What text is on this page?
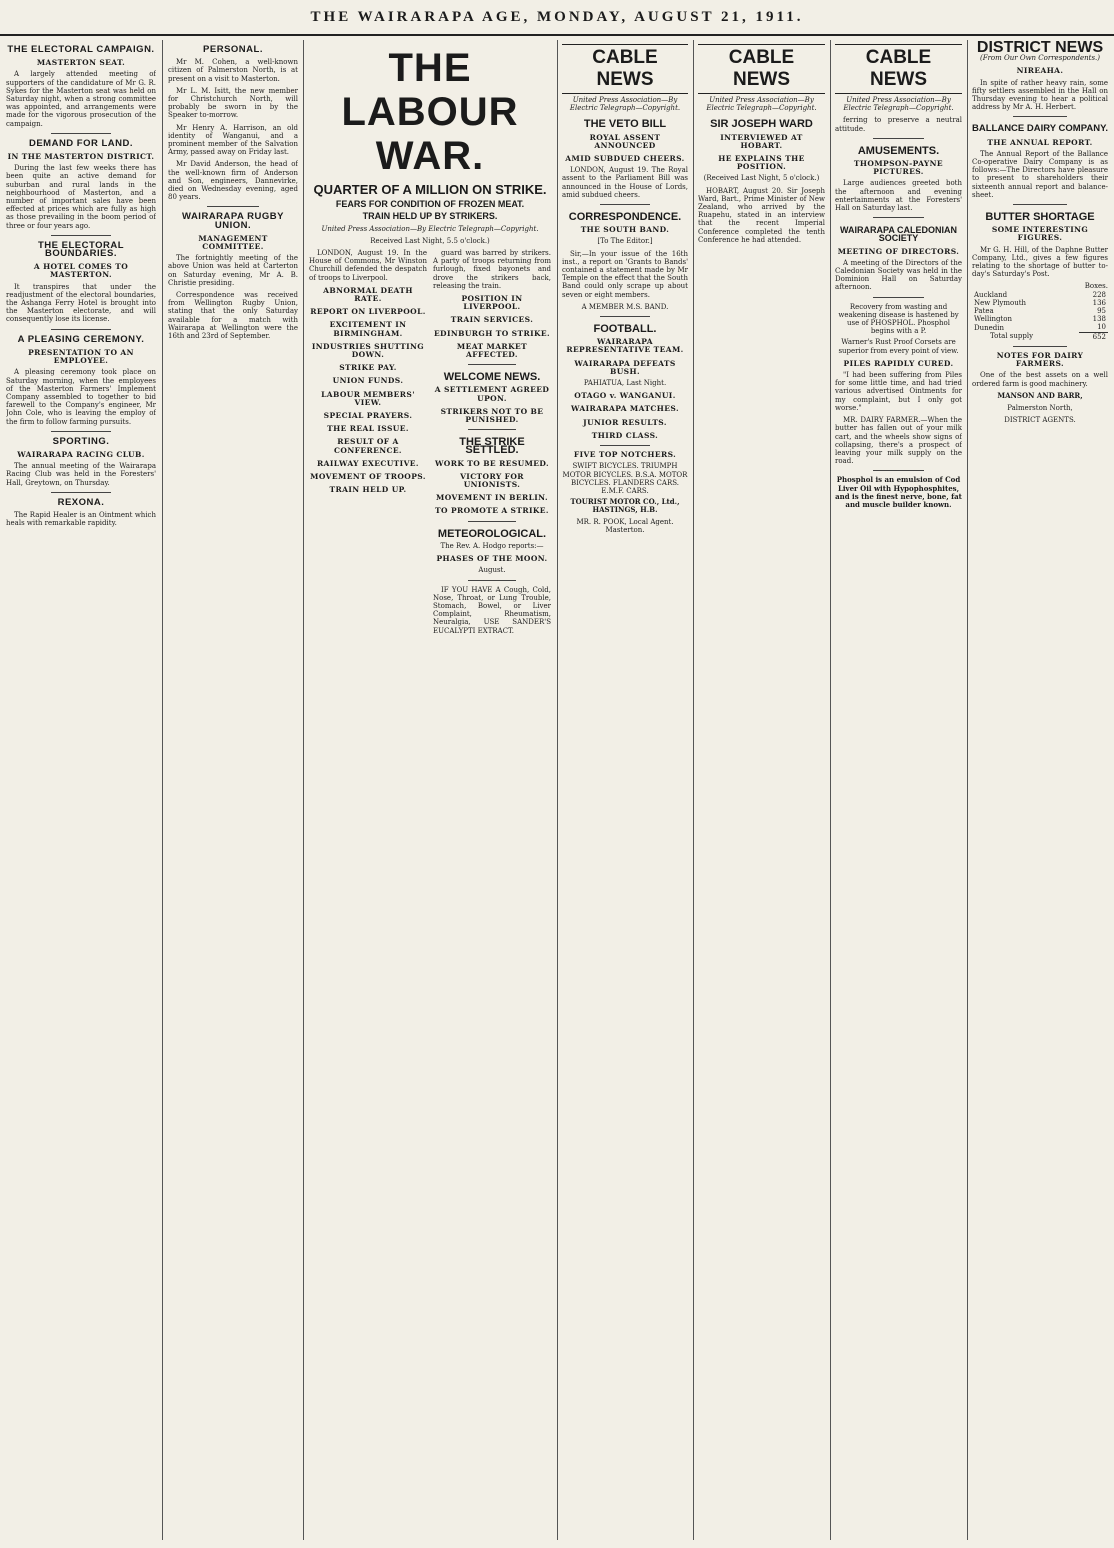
THE WAIRARAPA AGE, MONDAY, AUGUST 21, 1911.
THE ELECTORAL CAMPAIGN.
MASTERTON SEAT.

A largely attended meeting of supporters of the candidature of Mr G. R. Sykes for the Masterton seat was held on Saturday night, when a strong committee was appointed, and arrangements were made for the vigorous prosecution of the campaign.

DEMAND FOR LAND.
IN THE MASTERTON DISTRICT.

During the last few weeks there has been quite an active demand for suburban and rural lands in the neighbourhood of Masterton, and a number of important sales have been effected at prices which are fully as high as those prevailing in the boom period of three or four years ago.

THE ELECTORAL BOUNDARIES.
A HOTEL COMES TO MASTERTON.

It transpires that under the readjustment of the electoral boundaries, the Ashanga Ferry Hotel is brought into the Masterton electorate, and will consequently lose its license.

A PLEASING CEREMONY.
PRESENTATION TO AN EMPLOYEE.

A pleasing ceremony took place on Saturday morning, when the employees of the Masterton Farmers' Implement Company assembled to together to bid farewell to the Company's engineer, Mr John Cole, who is leaving the employ of the firm to follow farming pursuits.

SPORTING.
WAIRARAPA RACING CLUB.

The annual meeting of the Wairarapa Racing Club was held in the Foresters' Hall, Greytown, on Thursday.

REXONA.

The Rapid Healer is an Ointment which heals with remarkable rapidity.

PERSONAL.

Mr M. Cohen, a well-known citizen of Palmerston North, is at present on a visit to Masterton.

Mr L. M. Isitt, the new member for Christchurch North, will probably be sworn in by the Speaker to-morrow.

Mr Henry A. Harrison, an old identity of Wanganui, and a prominent member of the Salvation Army, passed away on Friday last.

Mr David Anderson, the head of the well-known firm of Anderson and Son, engineers, Dannevirke, died on Wednesday evening, aged 80 years.

WAIRARAPA RUGBY UNION.
MANAGEMENT COMMITTEE.

The fortnightly meeting of the above Union was held at Carterton on Saturday evening, Mr A. B. Christie presiding.

Correspondence was received from Wellington Rugby Union, stating that the only Saturday available for a match with Wairarapa at Wellington were the 16th and 23rd of September.

THE LABOUR WAR.
QUARTER OF A MILLION ON STRIKE.
FEARS FOR CONDITION OF FROZEN MEAT.
TRAIN HELD UP BY STRIKERS.
United Press Association—By Electric Telegraph—Copyright.
Received Last Night, 5.5 o'clock.)

LONDON, August 19. In the House of Commons, Mr Winston Churchill defended the despatch of troops to Liverpool.

ABNORMAL DEATH RATE.
REPORT ON LIVERPOOL.
EXCITEMENT IN BIRMINGHAM.
INDUSTRIES SHUTTING DOWN.
STRIKE PAY.
UNION FUNDS.
LABOUR MEMBERS' VIEW.
SPECIAL PRAYERS.
THE REAL ISSUE.
RESULT OF A CONFERENCE.
RAILWAY EXECUTIVE.
MOVEMENT OF TROOPS.
TRAIN HELD UP.

guard was barred by strikers. A party of troops returning from furlough, fixed bayonets and drove the strikers back, releasing the train.

POSITION IN LIVERPOOL.
TRAIN SERVICES.
EDINBURGH TO STRIKE.
MEAT MARKET AFFECTED.
WELCOME NEWS.
A SETTLEMENT AGREED UPON.
STRIKERS NOT TO BE PUNISHED.
THE STRIKE SETTLED.
WORK TO BE RESUMED.
VICTORY FOR UNIONISTS.
MOVEMENT IN BERLIN.
TO PROMOTE A STRIKE.
METEOROLOGICAL.
The Rev. A. Hodgo reports:—
PHASES OF THE MOON.
August.

IF YOU HAVE A Cough, Cold, Nose, Throat, or Lung Trouble, Stomach, Bowel, or Liver Complaint, Rheumatism, Neuralgia, USE SANDER'S EUCALYPTI EXTRACT.

CABLE NEWS
United Press Association—By Electric Telegraph—Copyright.
THE VETO BILL
ROYAL ASSENT ANNOUNCED
AMID SUBDUED CHEERS.

LONDON, August 19. The Royal assent to the Parliament Bill was announced in the House of Lords, amid subdued cheers.

CORRESPONDENCE.
THE SOUTH BAND.
[To The Editor.]

Sir,—In your issue of the 16th inst., a report on 'Grants to Bands' contained a statement made by Mr Temple on the effect that the South Band could only scrape up about seven or eight members.

A MEMBER M.S. BAND.
FOOTBALL.
WAIRARAPA REPRESENTATIVE TEAM.
WAIRARAPA DEFEATS BUSH.
PAHIATUA, Last Night.
OTAGO v. WANGANUI.
WAIRARAPA MATCHES.
JUNIOR RESULTS.
THIRD CLASS.
FIVE TOP NOTCHERS.
SWIFT BICYCLES. TRIUMPH MOTOR BICYCLES. B.S.A. MOTOR BICYCLES. FLANDERS CARS. E.M.F. CARS.
TOURIST MOTOR CO., Ltd., HASTINGS, H.B.
MR. R. POOK, Local Agent. Masterton.
CABLE NEWS
United Press Association—By Electric Telegraph—Copyright.
SIR JOSEPH WARD
INTERVIEWED AT HOBART.
HE EXPLAINS THE POSITION.
(Received Last Night, 5 o'clock.)

HOBART, August 20. Sir Joseph Ward, Bart., Prime Minister of New Zealand, who arrived by the Ruapehu, stated in an interview that the recent Imperial Conference completed the tenth Conference he had attended.

CABLE NEWS
United Press Association—By Electric Telegraph—Copyright.

ferring to preserve a neutral attitude.

AMUSEMENTS.
THOMPSON-PAYNE PICTURES.

Large audiences greeted both the afternoon and evening entertainments at the Foresters' Hall on Saturday last.

WAIRARAPA CALEDONIAN SOCIETY
MEETING OF DIRECTORS.

A meeting of the Directors of the Caledonian Society was held in the Dominion Hall on Saturday afternoon.

Recovery from wasting and weakening disease is hastened by use of PHOSPHOL. Phosphol begins with a P.
Warner's Rust Proof Corsets are superior from every point of view.
PILES RAPIDLY CURED.

"I had been suffering from Piles for some little time, and had tried various advertised Ointments for my complaint, but I only got worse."

MR. DAIRY FARMER.—When the butter has fallen out of your milk cart, and the wheels show signs of collapsing, there's a prospect of leaving your milk supply on the road.

Phosphol is an emulsion of Cod Liver Oil with Hypophosphites, and is the finest nerve, bone, fat and muscle builder known.
DISTRICT NEWS
(From Our Own Correspondents.)
NIREAHA.

In spite of rather heavy rain, some fifty settlers assembled in the Hall on Thursday evening to hear a political address by Mr A. H. Herbert.

BALLANCE DAIRY COMPANY.
THE ANNUAL REPORT.

The Annual Report of the Ballance Co-operative Dairy Company is as follows:—The Directors have pleasure to present to shareholders their sixteenth annual report and balance-sheet.

BUTTER SHORTAGE
SOME INTERESTING FIGURES.

Mr G. H. Hill, of the Daphne Butter Company, Ltd., gives a few figures relating to the shortage of butter to-day's Saturday's Post.

Boxes.
Auckland	228
New Plymouth	136
Patea	95
Wellington	138
Dunedin	10
Total supply	652
NOTES FOR DAIRY FARMERS.

One of the best assets on a well ordered farm is good machinery.

MANSON AND BARR,
Palmerston North,
DISTRICT AGENTS.
